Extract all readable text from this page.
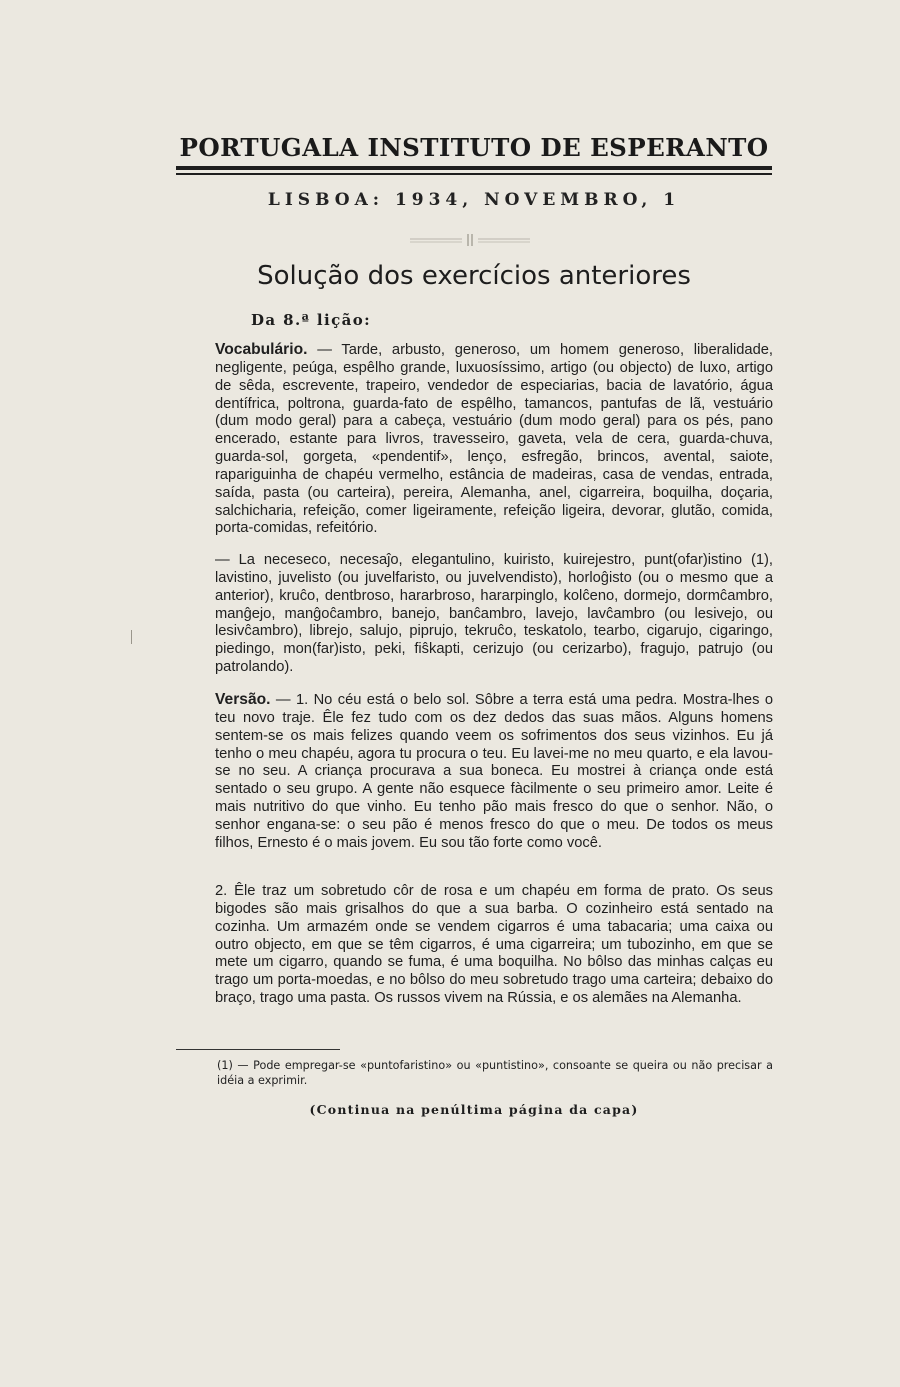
PORTUGALA INSTITUTO DE ESPERANTO
LISBOA: 1934, NOVEMBRO, 1
Solução dos exercícios anteriores
Da 8.ª lição:
Vocabulário. — Tarde, arbusto, generoso, um homem generoso, liberalidade, negligente, peúga, espêlho grande, luxuosíssimo, artigo (ou objecto) de luxo, artigo de sêda, escrevente, trapeiro, vendedor de especiarias, bacia de lavatório, água dentífrica, poltrona, guarda-fato de espêlho, tamancos, pantufas de lã, vestuário (dum modo geral) para a cabeça, vestuário (dum modo geral) para os pés, pano encerado, estante para livros, travesseiro, gaveta, vela de cera, guarda-chuva, guarda-sol, gorgeta, «pendentif», lenço, esfregão, brincos, avental, saiote, rapariguinha de chapéu vermelho, estância de madeiras, casa de vendas, entrada, saída, pasta (ou carteira), pereira, Alemanha, anel, cigarreira, boquilha, doçaria, salchicharia, refeição, comer ligeiramente, refeição ligeira, devorar, glutão, comida, porta-comidas, refeitório.
— La neceseco, necesaĵo, elegantulino, kuiristo, kuirejestro, punt(ofar)istino (1), lavistino, juvelisto (ou juvelfaristo, ou juvelvendisto), horloĝisto (ou o mesmo que a anterior), kruĉo, dentbroso, hararbroso, hararpinglo, kolĉeno, dormejo, dormĉambro, manĝejo, manĝoĉambro, banejo, banĉambro, lavejo, lavĉambro (ou lesivejo, ou lesivĉambro), librejo, salujo, piprujo, tekruĉo, teskatolo, tearbo, cigarujo, cigaringo, piedingo, mon(far)isto, peki, fiŝkapti, cerizujo (ou cerizarbo), fragujo, patrujo (ou patrolando).
Versão. — 1. No céu está o belo sol. Sôbre a terra está uma pedra. Mostra-lhes o teu novo traje. Êle fez tudo com os dez dedos das suas mãos. Alguns homens sentem-se os mais felizes quando veem os sofrimentos dos seus vizinhos. Eu já tenho o meu chapéu, agora tu procura o teu. Eu lavei-me no meu quarto, e ela lavou-se no seu. A criança procurava a sua boneca. Eu mostrei à criança onde está sentado o seu grupo. A gente não esquece fàcilmente o seu primeiro amor. Leite é mais nutritivo do que vinho. Eu tenho pão mais fresco do que o senhor. Não, o senhor engana-se: o seu pão é menos fresco do que o meu. De todos os meus filhos, Ernesto é o mais jovem. Eu sou tão forte como você.
2. Êle traz um sobretudo côr de rosa e um chapéu em forma de prato. Os seus bigodes são mais grisalhos do que a sua barba. O cozinheiro está sentado na cozinha. Um armazém onde se vendem cigarros é uma tabacaria; uma caixa ou outro objecto, em que se têm cigarros, é uma cigarreira; um tubozinho, em que se mete um cigarro, quando se fuma, é uma boquilha. No bôlso das minhas calças eu trago um porta-moedas, e no bôlso do meu sobretudo trago uma carteira; debaixo do braço, trago uma pasta. Os russos vivem na Rússia, e os alemães na Alemanha.
(1) — Pode empregar-se «puntofaristino» ou «puntistino», consoante se queira ou não precisar a idéia a exprimir.
(Continua na penúltima página da capa)
